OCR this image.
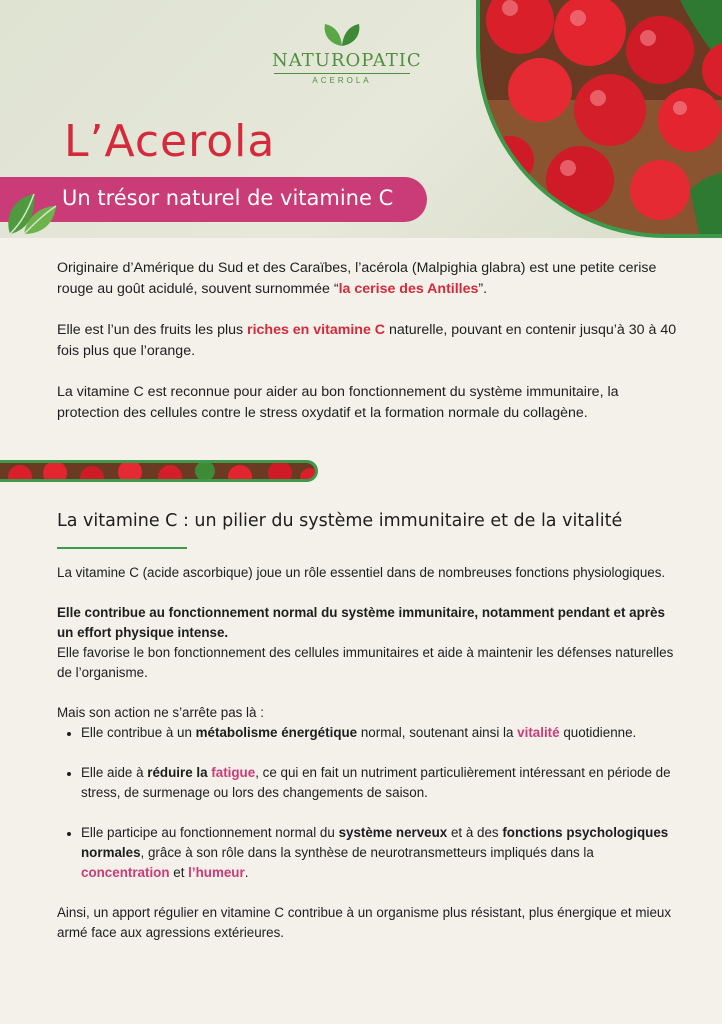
NATUROPATIC
ACEROLA
L’Acerola
Un trésor naturel de vitamine C

Originaire d’Amérique du Sud et des Caraïbes, l’acérola (Malpighia glabra) est une petite cerise rouge au goût acidulé, souvent surnommée “la cerise des Antilles”.

Elle est l’un des fruits les plus riches en vitamine C naturelle, pouvant en contenir jusqu’à 30 à 40 fois plus que l’orange.

La vitamine C est reconnue pour aider au bon fonctionnement du système immunitaire, la protection des cellules contre le stress oxydatif et la formation normale du collagène.

La vitamine C : un pilier du système immunitaire et de la vitalité

La vitamine C (acide ascorbique) joue un rôle essentiel dans de nombreuses fonctions physiologiques.

Elle contribue au fonctionnement normal du système immunitaire, notamment pendant et après un effort physique intense.

Elle favorise le bon fonctionnement des cellules immunitaires et aide à maintenir les défenses naturelles de l’organisme.

Mais son action ne s’arrête pas là :

Elle contribue à un métabolisme énergétique normal, soutenant ainsi la vitalité quotidienne.
Elle aide à réduire la fatigue, ce qui en fait un nutriment particulièrement intéressant en période de stress, de surmenage ou lors des changements de saison.
Elle participe au fonctionnement normal du système nerveux et à des fonctions psychologiques normales, grâce à son rôle dans la synthèse de neurotransmetteurs impliqués dans la concentration et l’humeur.

Ainsi, un apport régulier en vitamine C contribue à un organisme plus résistant, plus énergique et mieux armé face aux agressions extérieures.
